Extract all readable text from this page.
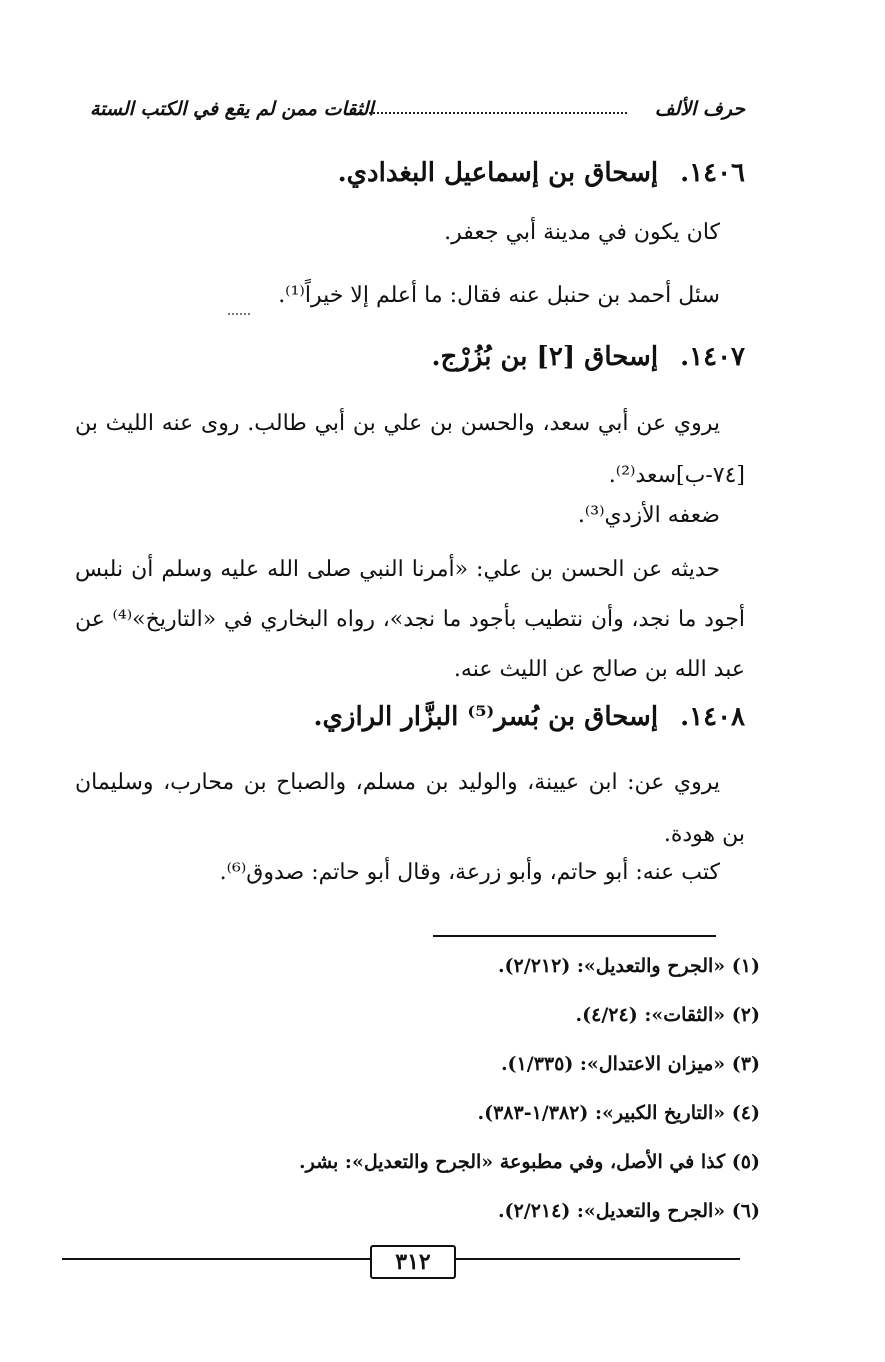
حرف الألف
الثقات ممن لم يقع في الكتب الستة
١٤٠٦.إسحاق بن إسماعيل البغدادي.
كان يكون في مدينة أبي جعفر.
سئل أحمد بن حنبل عنه فقال: ما أعلم إلا خيراً⁽¹⁾.
١٤٠٧.إسحاق [٢] بن بُزُرْج.
يروي عن أبي سعد، والحسن بن علي بن أبي طالب. روى عنه الليث بن [٧٤-ب]سعد⁽²⁾.
ضعفه الأزدي⁽³⁾.
حديثه عن الحسن بن علي: «أمرنا النبي صلى الله عليه وسلم أن نلبس أجود ما نجد، وأن نتطيب بأجود ما نجد»، رواه البخاري في «التاريخ»⁽⁴⁾ عن عبد الله بن صالح عن الليث عنه.
١٤٠٨.إسحاق بن بُسر⁽⁵⁾ البزَّار الرازي.
يروي عن: ابن عيينة، والوليد بن مسلم، والصباح بن محارب، وسليمان بن هودة.
كتب عنه: أبو حاتم، وأبو زرعة، وقال أبو حاتم: صدوق⁽⁶⁾.
(١) «الجرح والتعديل»: (٢/٢١٢).
(٢) «الثقات»: (٤/٢٤).
(٣) «ميزان الاعتدال»: (١/٣٣٥).
(٤) «التاريخ الكبير»: (١/٣٨٢-٣٨٣).
(٥) كذا في الأصل، وفي مطبوعة «الجرح والتعديل»: بشر.
(٦) «الجرح والتعديل»: (٢/٢١٤).
٣١٢
